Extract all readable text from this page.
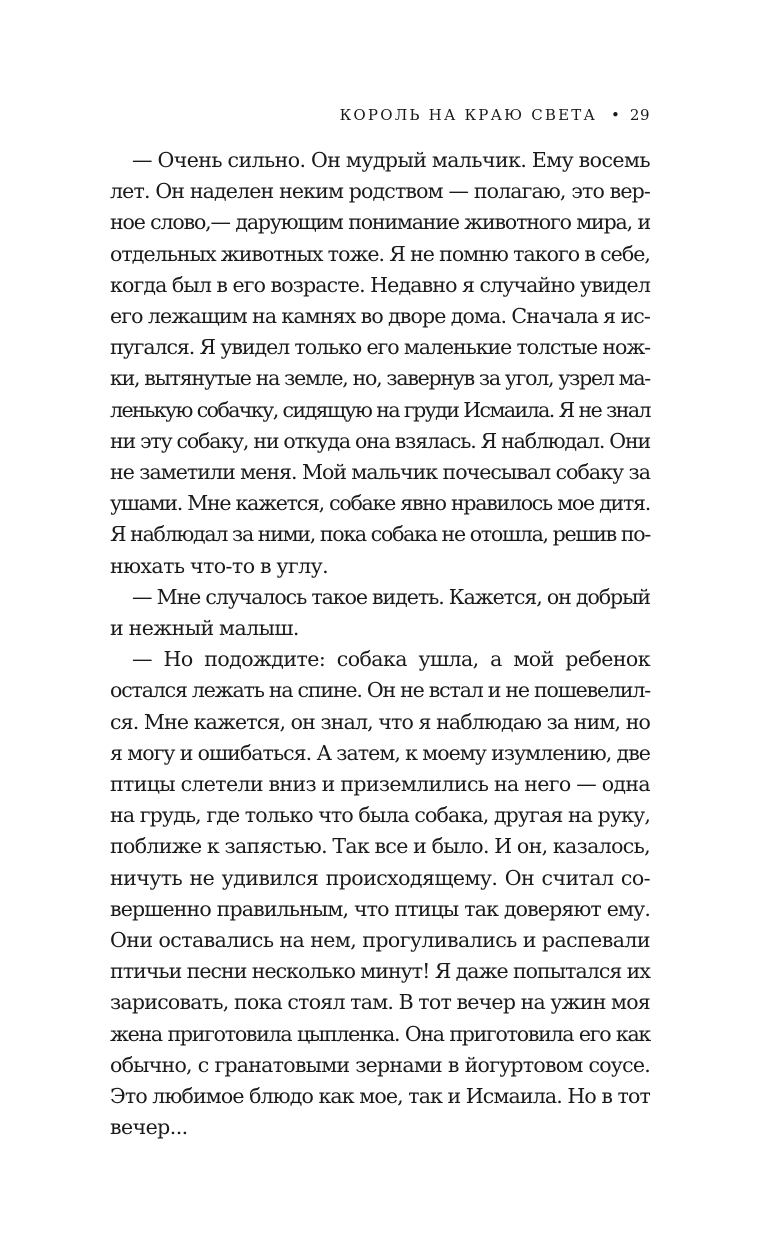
КОРОЛЬ НА КРАЮ СВЕТА • 29

— Очень сильно. Он мудрый мальчик. Ему восемь
лет. Он наделен неким родством — полагаю, это вер-
ное слово,— дарующим понимание животного мира, и
отдельных животных тоже. Я не помню такого в себе,
когда был в его возрасте. Недавно я случайно увидел
его лежащим на камнях во дворе дома. Сначала я ис-
пугался. Я увидел только его маленькие толстые нож-
ки, вытянутые на земле, но, завернув за угол, узрел ма-
ленькую собачку, сидящую на груди Исмаила. Я не знал
ни эту собаку, ни откуда она взялась. Я наблюдал. Они
не заметили меня. Мой мальчик почесывал собаку за
ушами. Мне кажется, собаке явно нравилось мое дитя.
Я наблюдал за ними, пока собака не отошла, решив по-
нюхать что-то в углу.

— Мне случалось такое видеть. Кажется, он добрый
и нежный малыш.

— Но подождите: собака ушла, а мой ребенок
остался лежать на спине. Он не встал и не пошевелил-
ся. Мне кажется, он знал, что я наблюдаю за ним, но
я могу и ошибаться. А затем, к моему изумлению, две
птицы слетели вниз и приземлились на него — одна
на грудь, где только что была собака, другая на руку,
поближе к запястью. Так все и было. И он, казалось,
ничуть не удивился происходящему. Он считал со-
вершенно правильным, что птицы так доверяют ему.
Они оставались на нем, прогуливались и распевали
птичьи песни несколько минут! Я даже попытался их
зарисовать, пока стоял там. В тот вечер на ужин моя
жена приготовила цыпленка. Она приготовила его как
обычно, с гранатовыми зернами в йогуртовом соусе.
Это любимое блюдо как мое, так и Исмаила. Но в тот
вечер...
